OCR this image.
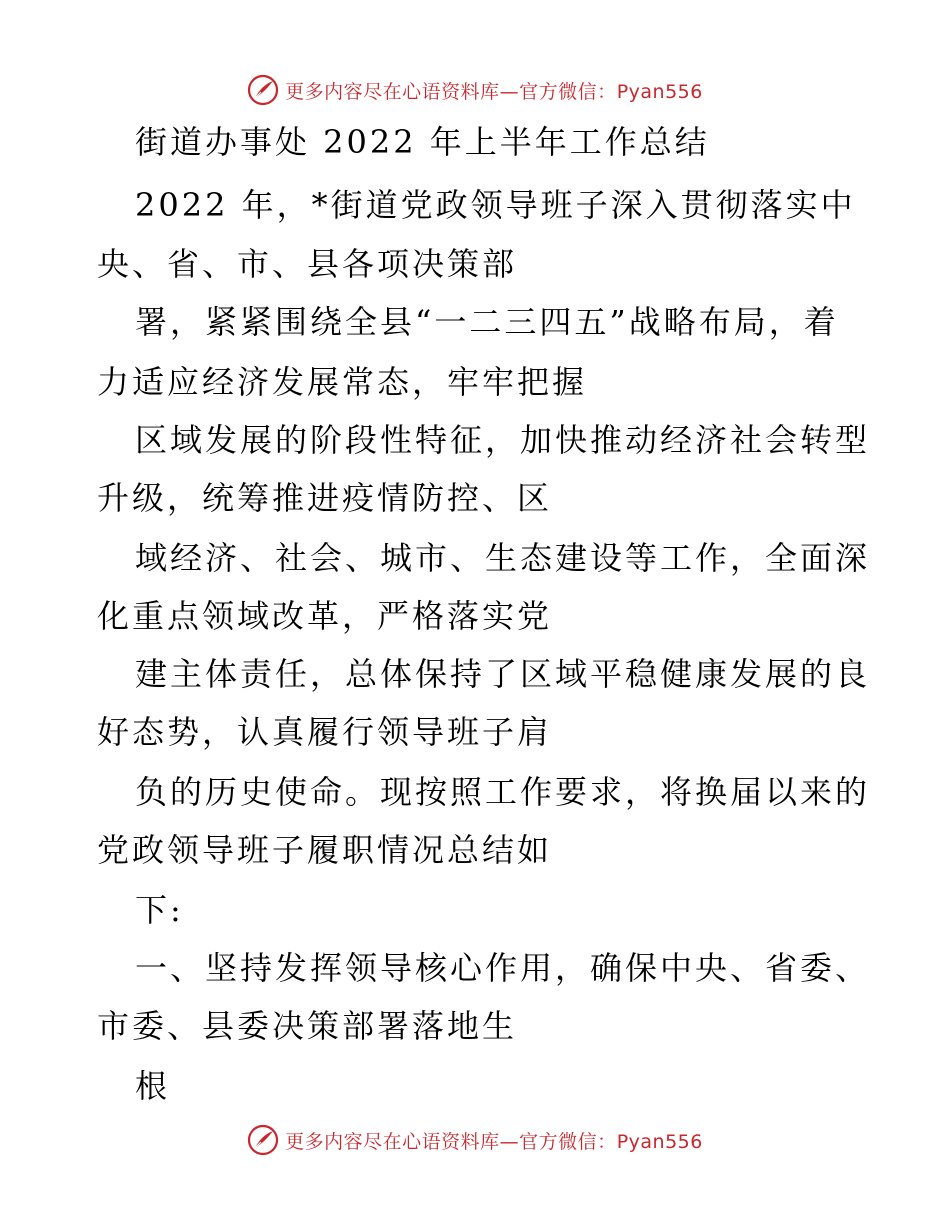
更多内容尽在心语资料库—官方微信：Pyan556
街道办事处 2022 年上半年工作总结
2022 年，*街道党政领导班子深入贯彻落实中
央、省、市、县各项决策部
署，紧紧围绕全县“一二三四五”战略布局，着
力适应经济发展常态，牢牢把握
区域发展的阶段性特征，加快推动经济社会转型
升级，统筹推进疫情防控、区
域经济、社会、城市、生态建设等工作，全面深
化重点领域改革，严格落实党
建主体责任，总体保持了区域平稳健康发展的良
好态势，认真履行领导班子肩
负的历史使命。现按照工作要求，将换届以来的
党政领导班子履职情况总结如
下:
一、坚持发挥领导核心作用，确保中央、省委、
市委、县委决策部署落地生
根
更多内容尽在心语资料库—官方微信：Pyan556
